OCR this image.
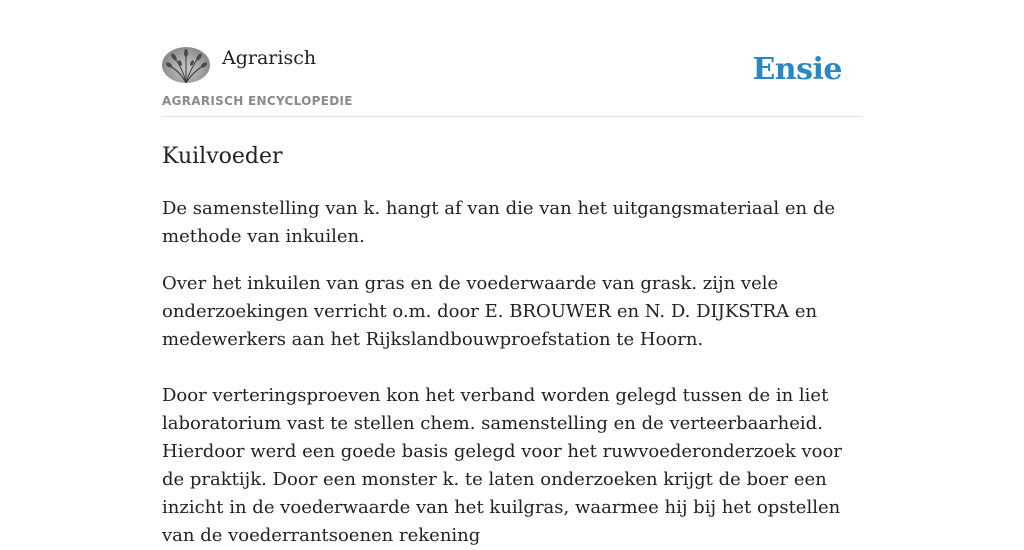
Agrarisch
AGRARISCH ENCYCLOPEDIE
Ensie
Kuilvoeder

De samenstelling van k. hangt af van die van het uitgangsmateriaal en de methode van inkuilen.

Over het inkuilen van gras en de voederwaarde van grask. zijn vele onderzoekingen verricht o.m. door E. BROUWER en N. D. DIJKSTRA en medewerkers aan het Rijkslandbouwproefstation te Hoorn.

Door verteringsproeven kon het verband worden gelegd tussen de in liet laboratorium vast te stellen chem. samenstelling en de verteerbaarheid. Hierdoor werd een goede basis gelegd voor het ruwvoederonderzoek voor de praktijk. Door een monster k. te laten onderzoeken krijgt de boer een inzicht in de voederwaarde van het kuilgras, waarmee hij bij het opstellen van de voederrantsoenen rekening
